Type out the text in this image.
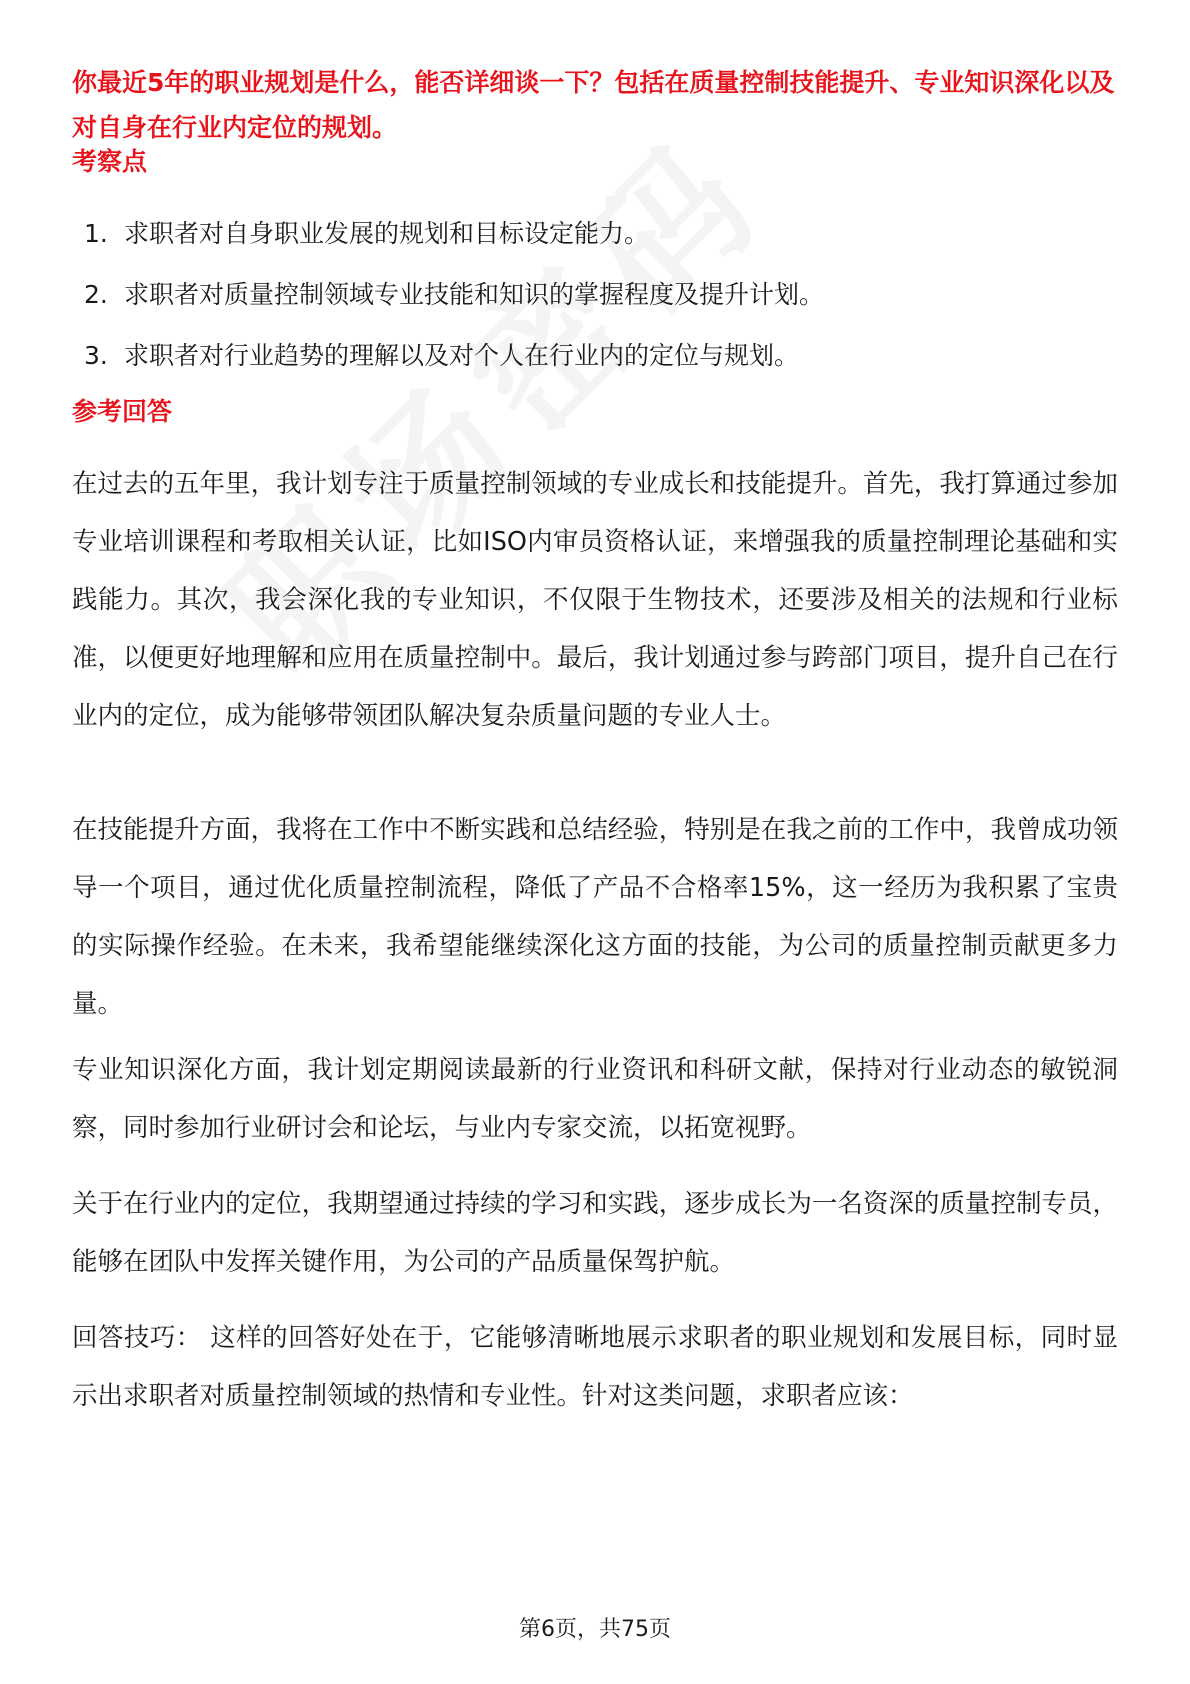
你最近5年的职业规划是什么，能否详细谈一下？包括在质量控制技能提升、专业知识深化以及对自身在行业内定位的规划。

考察点

1. 求职者对自身职业发展的规划和目标设定能力。
2. 求职者对质量控制领域专业技能和知识的掌握程度及提升计划。
3. 求职者对行业趋势的理解以及对个人在行业内的定位与规划。

参考回答

在过去的五年里，我计划专注于质量控制领域的专业成长和技能提升。首先，我打算通过参加专业培训课程和考取相关认证，比如ISO内审员资格认证，来增强我的质量控制理论基础和实践能力。其次，我会深化我的专业知识，不仅限于生物技术，还要涉及相关的法规和行业标准，以便更好地理解和应用在质量控制中。最后，我计划通过参与跨部门项目，提升自己在行业内的定位，成为能够带领团队解决复杂质量问题的专业人士。

在技能提升方面，我将在工作中不断实践和总结经验，特别是在我之前的工作中，我曾成功领导一个项目，通过优化质量控制流程，降低了产品不合格率15%，这一经历为我积累了宝贵的实际操作经验。在未来，我希望能继续深化这方面的技能，为公司的质量控制贡献更多力量。

专业知识深化方面，我计划定期阅读最新的行业资讯和科研文献，保持对行业动态的敏锐洞察，同时参加行业研讨会和论坛，与业内专家交流，以拓宽视野。

关于在行业内的定位，我期望通过持续的学习和实践，逐步成长为一名资深的质量控制专员，能够在团队中发挥关键作用，为公司的产品质量保驾护航。

回答技巧： 这样的回答好处在于，它能够清晰地展示求职者的职业规划和发展目标，同时显示出求职者对质量控制领域的热情和专业性。针对这类问题，求职者应该：

第6页，共75页
